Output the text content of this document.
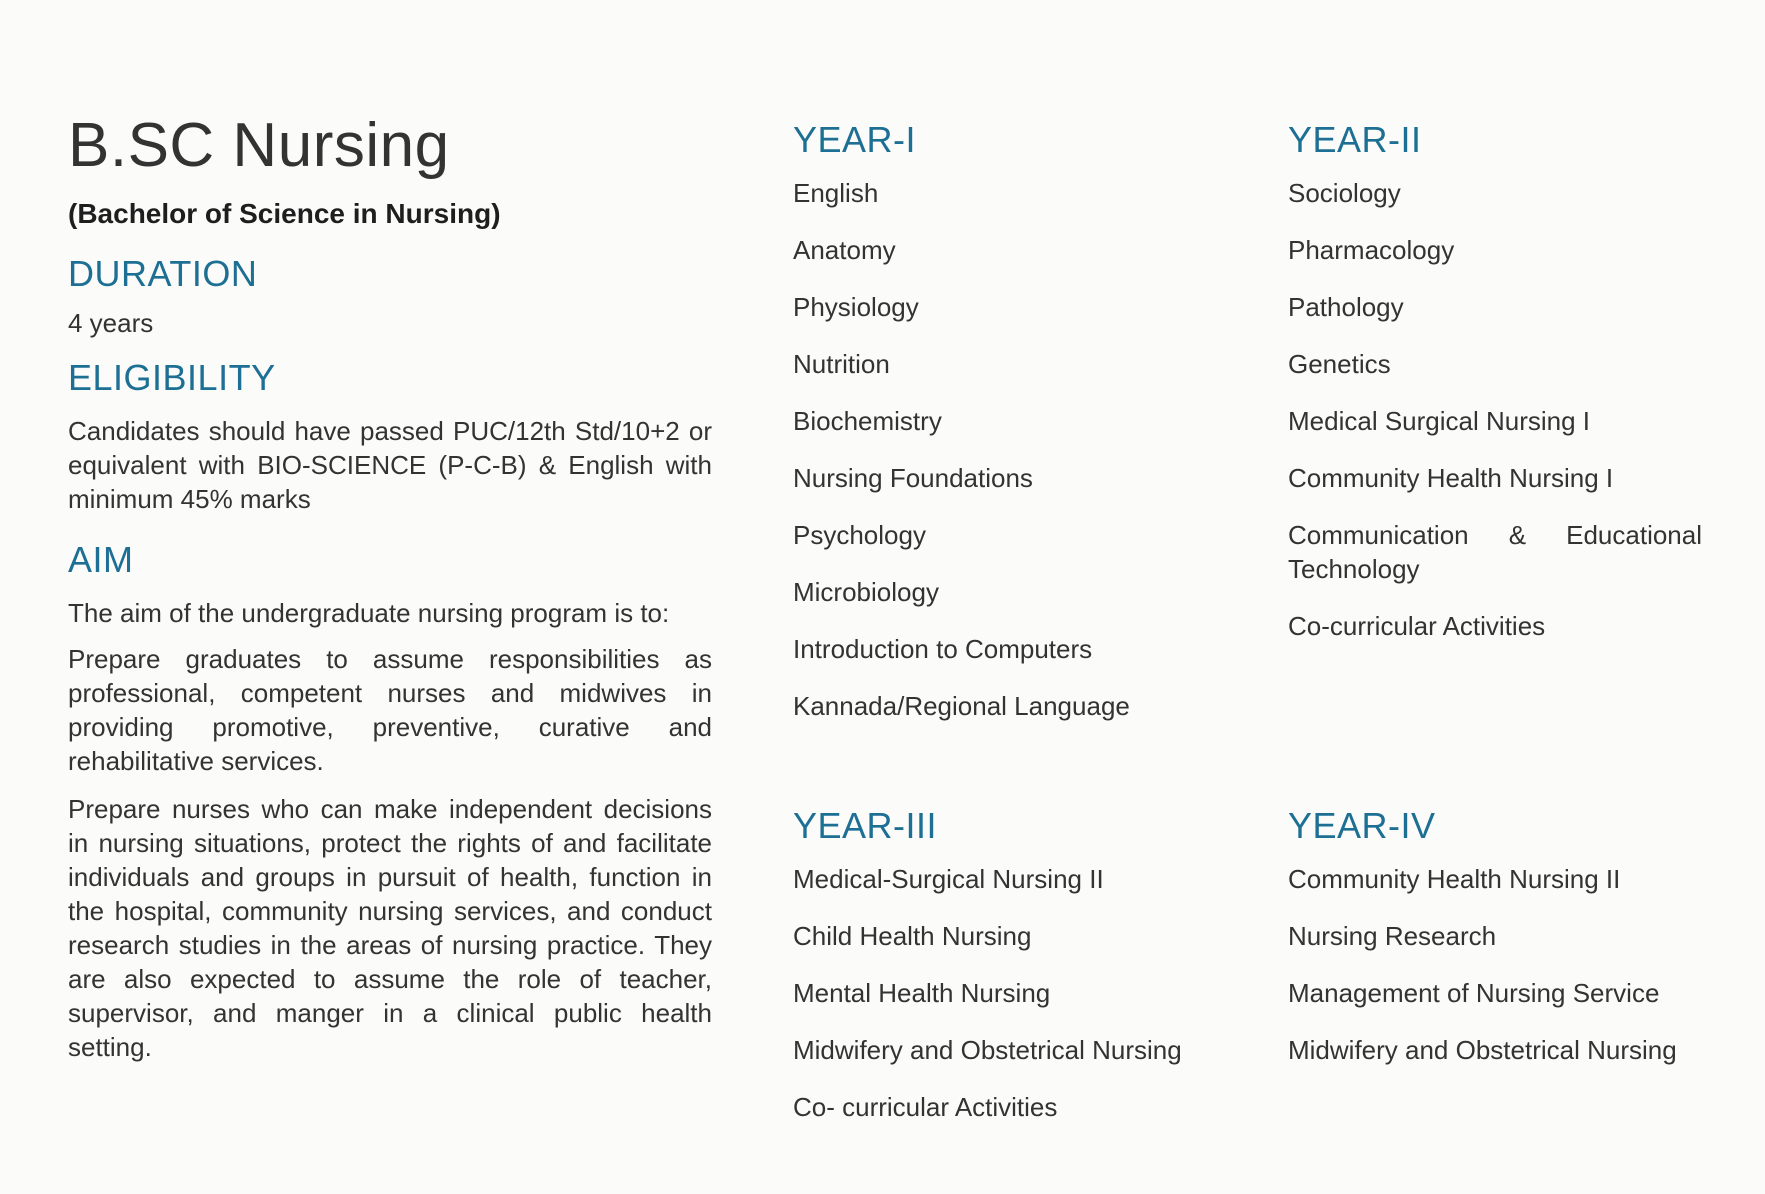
B.SC Nursing

(Bachelor of Science in Nursing)

DURATION

4 years

ELIGIBILITY

Candidates should have passed PUC/12th Std/10+2 or equivalent with BIO-SCIENCE (P-C-B) & English with minimum 45% marks

AIM

The aim of the undergraduate nursing program is to:

Prepare graduates to assume responsibilities as professional, competent nurses and midwives in providing promotive, preventive, curative and rehabilitative services.

Prepare nurses who can make independent decisions in nursing situations, protect the rights of and facilitate individuals and groups in pursuit of health, function in the hospital, community nursing services, and conduct research studies in the areas of nursing practice. They are also expected to assume the role of teacher, supervisor, and manger in a clinical public health setting.

YEAR-I
English
Anatomy
Physiology
Nutrition
Biochemistry
Nursing Foundations
Psychology
Microbiology
Introduction to Computers
Kannada/Regional Language
YEAR-II
Sociology
Pharmacology
Pathology
Genetics
Medical Surgical Nursing I
Community Health Nursing I
Communication & Educational Technology
Co-curricular Activities
YEAR-III
Medical-Surgical Nursing II
Child Health Nursing
Mental Health Nursing
Midwifery and Obstetrical Nursing
Co- curricular Activities
YEAR-IV
Community Health Nursing II
Nursing Research
Management of Nursing Service
Midwifery and Obstetrical Nursing
